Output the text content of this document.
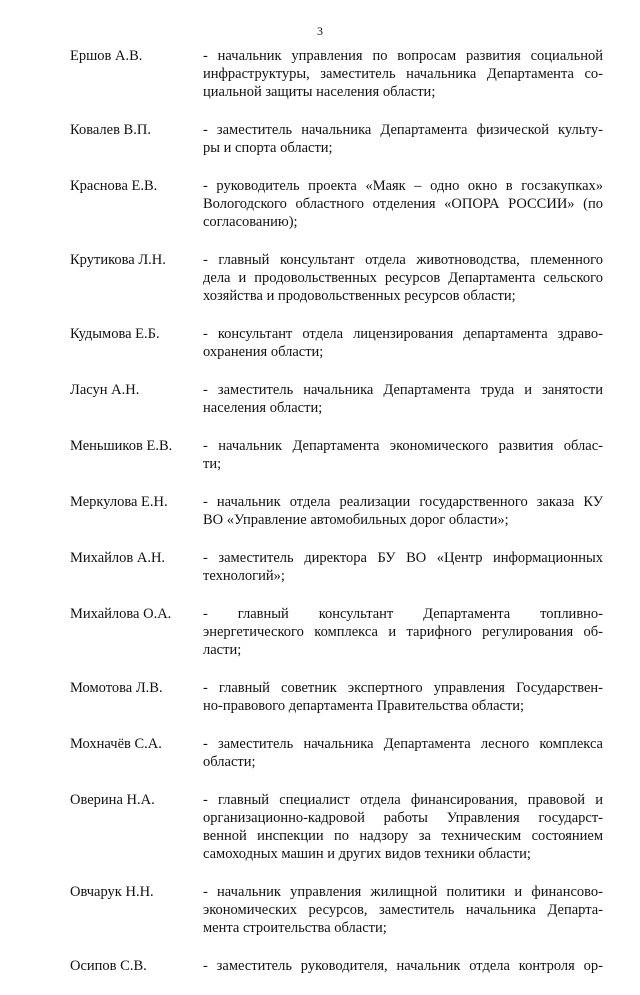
3
Ершов А.В.	- начальник управления по вопросам развития социальной
инфраструктуры, заместитель начальника Департамента со-
циальной защиты населения области;
Ковалев В.П.	- заместитель начальника Департамента физической культу-
ры и спорта области;
Краснова Е.В.	- руководитель проекта «Маяк – одно окно в госзакупках»
Вологодского областного отделения «ОПОРА РОССИИ» (по
согласованию);
Крутикова Л.Н.	- главный консультант отдела животноводства, племенного
дела и продовольственных ресурсов Департамента сельского
хозяйства и продовольственных ресурсов области;
Кудымова Е.Б.	- консультант отдела лицензирования департамента здраво-
охранения области;
Ласун А.Н.	- заместитель начальника Департамента труда и занятости
населения области;
Меньшиков Е.В.	- начальник Департамента экономического развития облас-
ти;
Меркулова Е.Н.	- начальник отдела реализации государственного заказа КУ
ВО «Управление автомобильных дорог области»;
Михайлов А.Н.	- заместитель директора БУ ВО «Центр информационных
технологий»;
Михайлова О.А.	- главный консультант Департамента топливно-
энергетического комплекса и тарифного регулирования об-
ласти;
Момотова Л.В.	- главный советник экспертного управления Государствен-
но-правового департамента Правительства области;
Мохначёв С.А.	- заместитель начальника Департамента лесного комплекса
области;
Оверина Н.А.	- главный специалист отдела финансирования, правовой и
организационно-кадровой работы Управления государст-
венной инспекции по надзору за техническим состоянием
самоходных машин и других видов техники области;
Овчарук Н.Н.	- начальник управления жилищной политики и финансово-
экономических ресурсов, заместитель начальника Департа-
мента строительства области;
Осипов С.В.	- заместитель руководителя, начальник отдела контроля ор-
